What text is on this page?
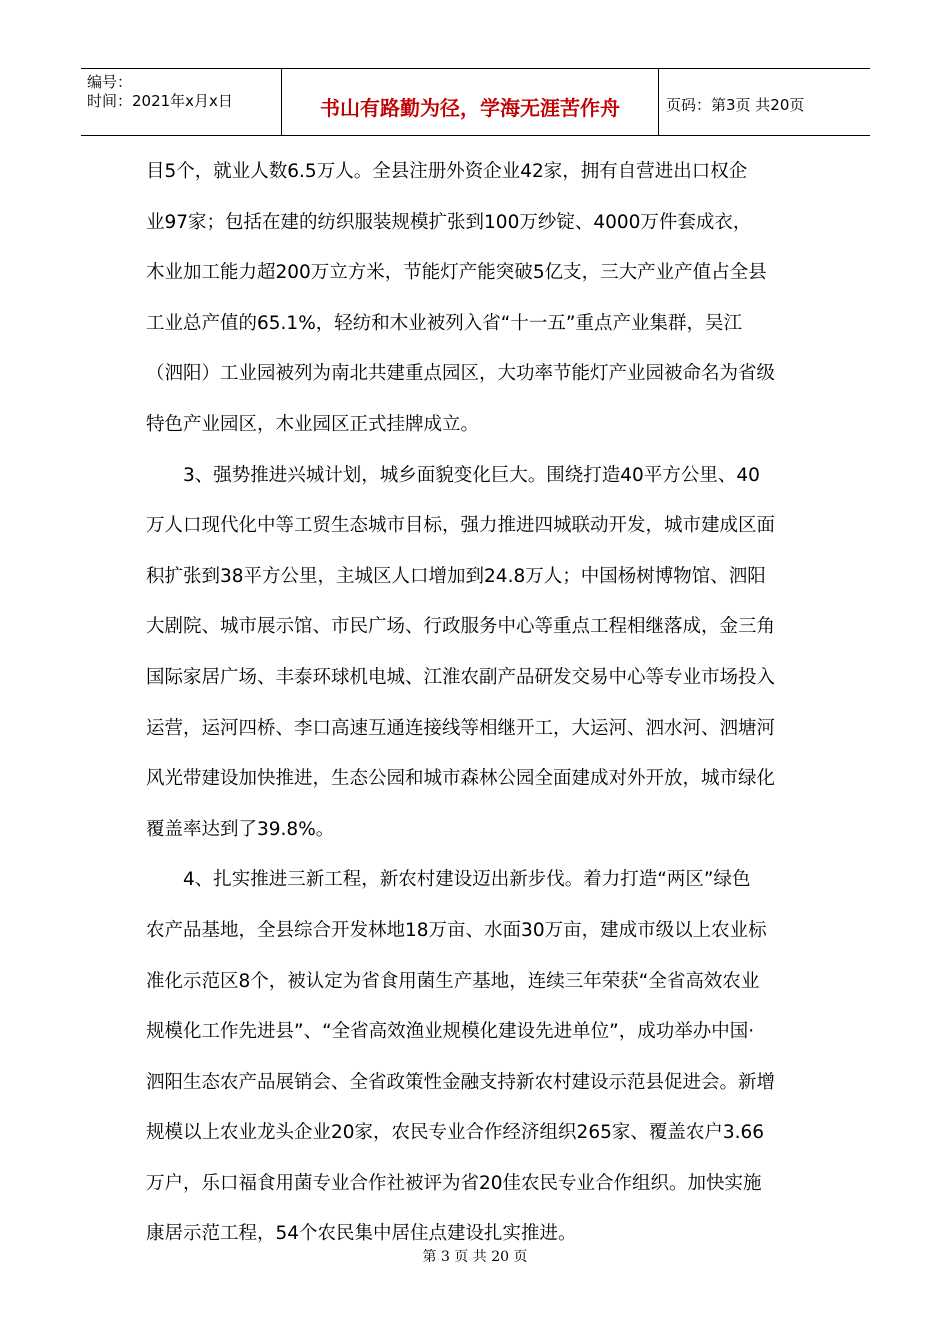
编号：
时间：2021年x月x日	书山有路勤为径，学海无涯苦作舟	页码：第3页 共20页
目5个，就业人数6.5万人。全县注册外资企业42家，拥有自营进出口权企
业97家；包括在建的纺织服装规模扩张到100万纱锭、4000万件套成衣，
木业加工能力超200万立方米，节能灯产能突破5亿支，三大产业产值占全县
工业总产值的65.1%，轻纺和木业被列入省“十一五”重点产业集群，吴江
（泗阳）工业园被列为南北共建重点园区，大功率节能灯产业园被命名为省级
特色产业园区，木业园区正式挂牌成立。
3、强势推进兴城计划，城乡面貌变化巨大。围绕打造40平方公里、40
万人口现代化中等工贸生态城市目标，强力推进四城联动开发，城市建成区面
积扩张到38平方公里，主城区人口增加到24.8万人；中国杨树博物馆、泗阳
大剧院、城市展示馆、市民广场、行政服务中心等重点工程相继落成，金三角
国际家居广场、丰泰环球机电城、江淮农副产品研发交易中心等专业市场投入
运营，运河四桥、李口高速互通连接线等相继开工，大运河、泗水河、泗塘河
风光带建设加快推进，生态公园和城市森林公园全面建成对外开放，城市绿化
覆盖率达到了39.8%。
4、扎实推进三新工程，新农村建设迈出新步伐。着力打造“两区”绿色
农产品基地，全县综合开发林地18万亩、水面30万亩，建成市级以上农业标
准化示范区8个，被认定为省食用菌生产基地，连续三年荣获“全省高效农业
规模化工作先进县”、“全省高效渔业规模化建设先进单位”，成功举办中国·
泗阳生态农产品展销会、全省政策性金融支持新农村建设示范县促进会。新增
规模以上农业龙头企业20家，农民专业合作经济组织265家、覆盖农户3.66
万户，乐口福食用菌专业合作社被评为省20佳农民专业合作组织。加快实施
康居示范工程，54个农民集中居住点建设扎实推进。
第 3 页 共 20 页
